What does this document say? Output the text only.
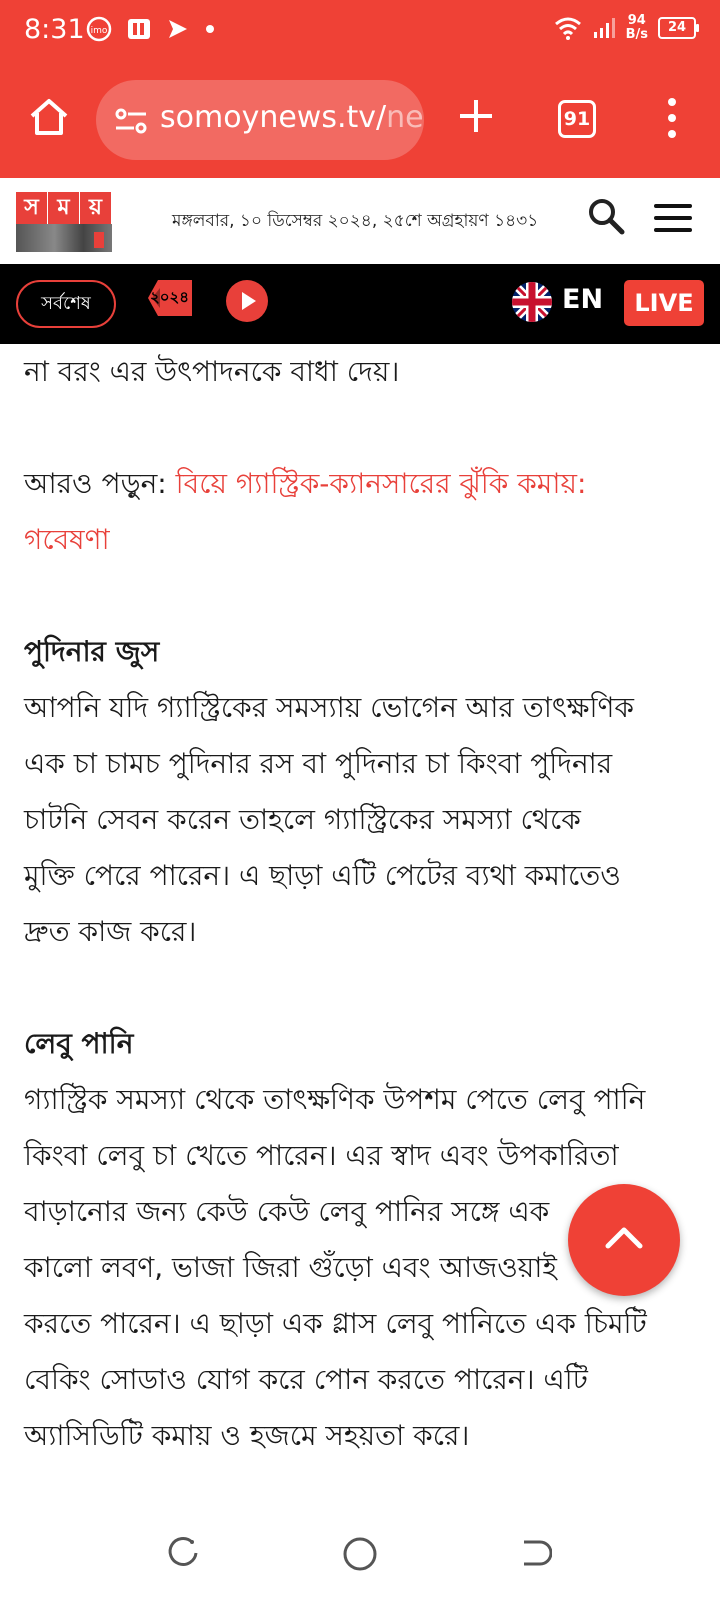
8:31 imo
94
B/s	24
somoynews.tv/ne	91
স ম য়
মঙ্গলবার, ১০ ডিসেম্বর ২০২৪, ২৫শে অগ্রহায়ণ ১৪৩১
সর্বশেষ	২০২৪	EN	LIVE

না বরং এর উৎপাদনকে বাধা দেয়।

আরও পড়ুন: বিয়ে গ্যাস্ট্রিক-ক্যানসারের ঝুঁকি কমায়:

গবেষণা

পুদিনার জুস

আপনি যদি গ্যাস্ট্রিকের সমস্যায় ভোগেন আর তাৎক্ষণিক

এক চা চামচ পুদিনার রস বা পুদিনার চা কিংবা পুদিনার

চাটনি সেবন করেন তাহলে গ্যাস্ট্রিকের সমস্যা থেকে

মুক্তি পেরে পারেন। এ ছাড়া এটি পেটের ব্যথা কমাতেও

দ্রুত কাজ করে।

লেবু পানি

গ্যাস্ট্রিক সমস্যা থেকে তাৎক্ষণিক উপশম পেতে লেবু পানি

কিংবা লেবু চা খেতে পারেন। এর স্বাদ এবং উপকারিতা

বাড়ানোর জন্য কেউ কেউ লেবু পানির সঙ্গে এক

কালো লবণ, ভাজা জিরা গুঁড়ো এবং আজওয়াই

করতে পারেন। এ ছাড়া এক গ্লাস লেবু পানিতে এক চিমটি

বেকিং সোডাও যোগ করে পোন করতে পারেন। এটি

অ্যাসিডিটি কমায় ও হজমে সহয়তা করে।
